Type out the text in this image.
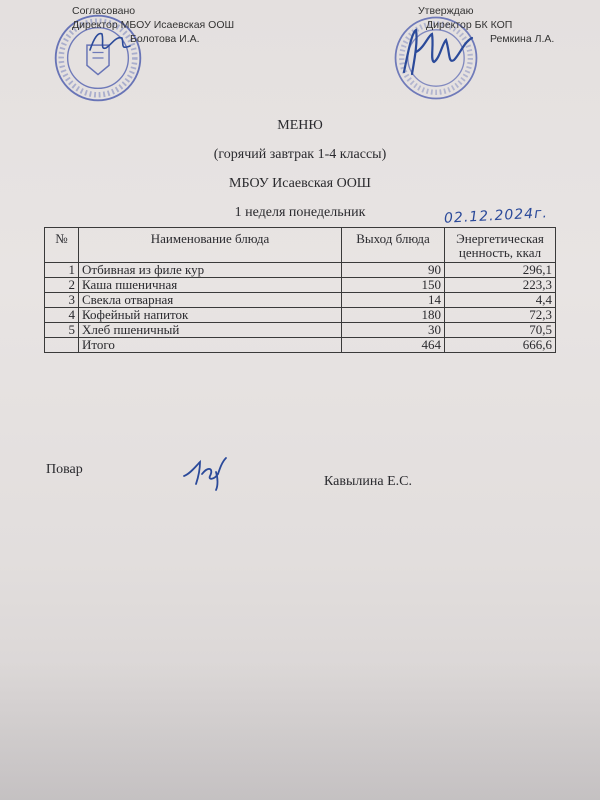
Согласовано
Директор МБОУ Исаевская ООШ
Болотова И.А.
Утверждаю
Директор БК КОП
Ремкина Л.А.
МЕНЮ
(горячий завтрак 1-4 классы)
МБОУ Исаевская ООШ
1 неделя понедельник	02.12.2024г.
№	Наименование блюда	Выход блюда	Энергетическая ценность, ккал
1	Отбивная из филе кур	90	296,1
2	Каша пшеничная	150	223,3
3	Свекла отварная	14	4,4
4	Кофейный напиток	180	72,3
5	Хлеб пшеничный	30	70,5
	Итого	464	666,6
Повар
Кавылина Е.С.
